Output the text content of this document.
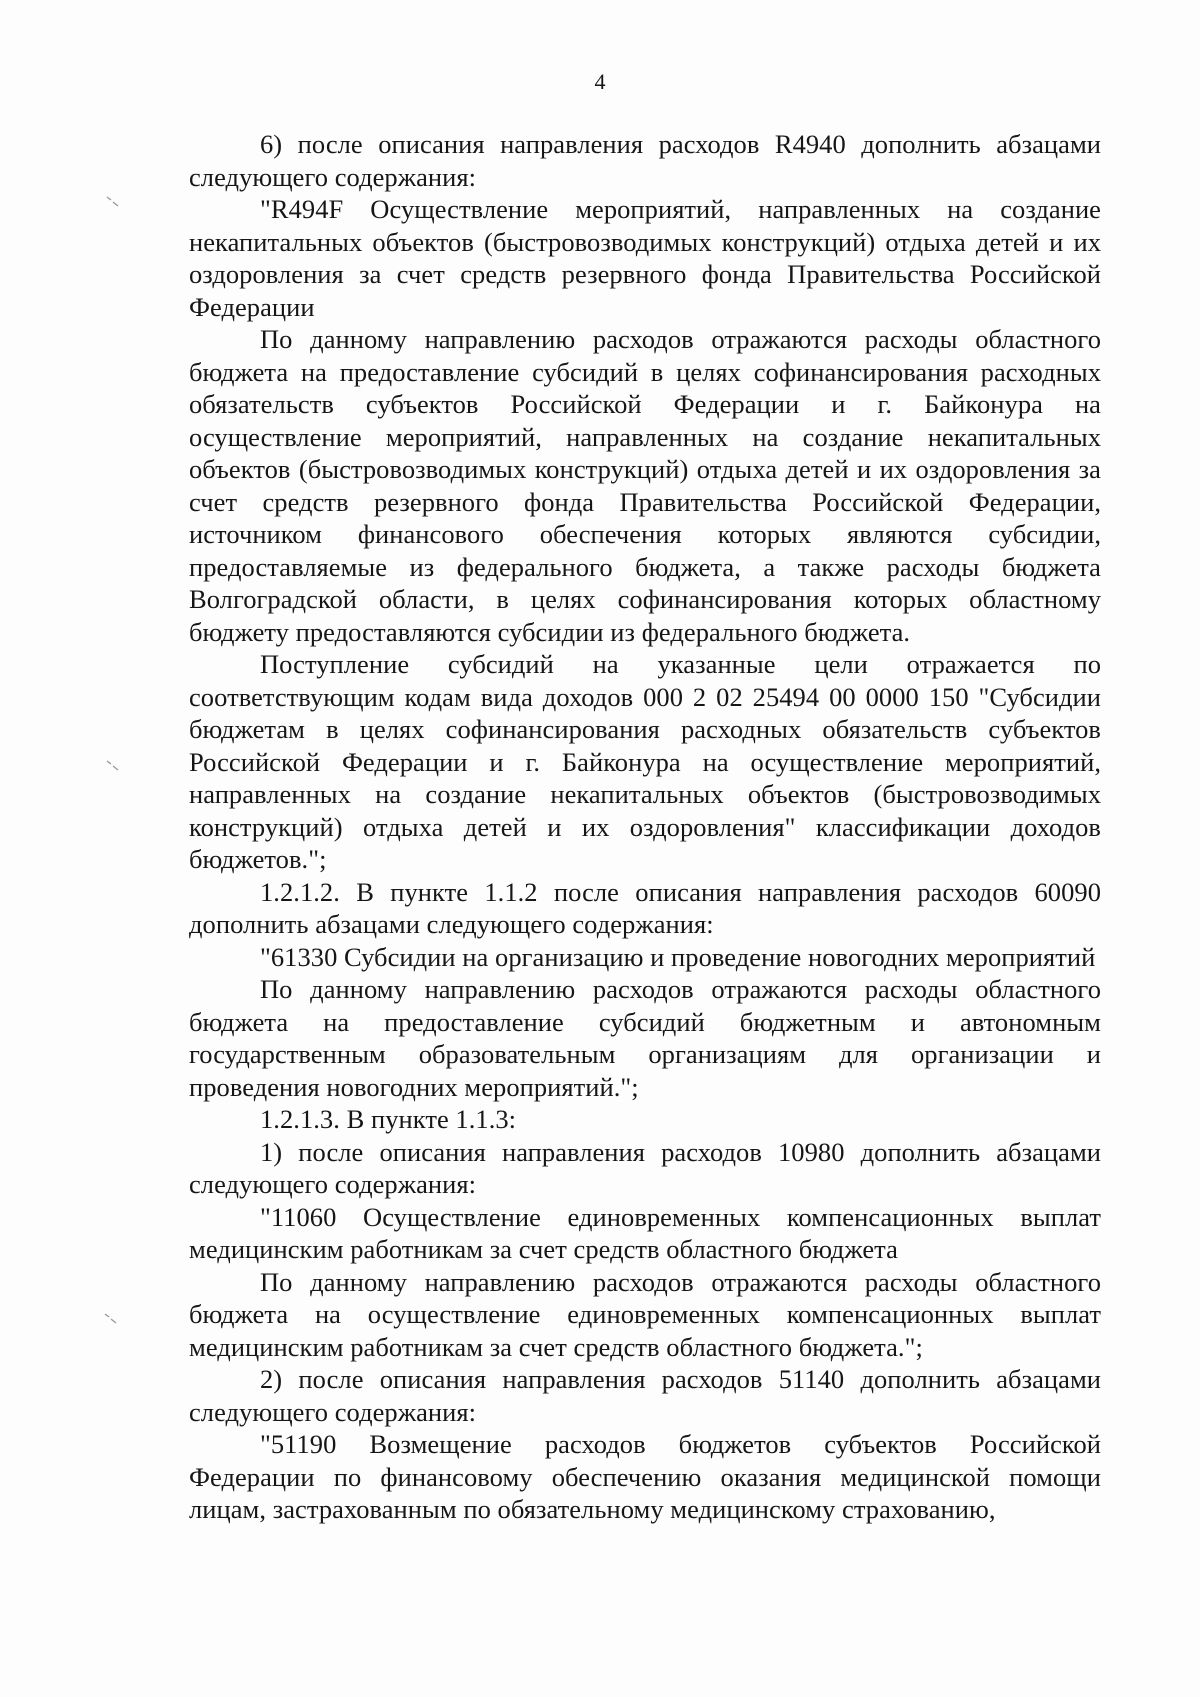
4

6) после описания направления расходов R4940 дополнить абзацами следующего содержания:

"R494F Осуществление мероприятий, направленных на создание некапитальных объектов (быстровозводимых конструкций) отдыха детей и их оздоровления за счет средств резервного фонда Правительства Российской Федерации

По данному направлению расходов отражаются расходы областного бюджета на предоставление субсидий в целях софинансирования расходных обязательств субъектов Российской Федерации и г. Байконура на осуществление мероприятий, направленных на создание некапитальных объектов (быстровозводимых конструкций) отдыха детей и их оздоровления за счет средств резервного фонда Правительства Российской Федерации, источником финансового обеспечения которых являются субсидии, предоставляемые из федерального бюджета, а также расходы бюджета Волгоградской области, в целях софинансирования которых областному бюджету предоставляются субсидии из федерального бюджета.

Поступление субсидий на указанные цели отражается по соответствующим кодам вида доходов 000 2 02 25494 00 0000 150 "Субсидии бюджетам в целях софинансирования расходных обязательств субъектов Российской Федерации и г. Байконура на осуществление мероприятий, направленных на создание некапитальных объектов (быстровозводимых конструкций) отдыха детей и их оздоровления" классификации доходов бюджетов.";

1.2.1.2. В пункте 1.1.2 после описания направления расходов 60090 дополнить абзацами следующего содержания:

"61330 Субсидии на организацию и проведение новогодних мероприятий

По данному направлению расходов отражаются расходы областного бюджета на предоставление субсидий бюджетным и автономным государственным образовательным организациям для организации и проведения новогодних мероприятий.";

1.2.1.3. В пункте 1.1.3:

1) после описания направления расходов 10980 дополнить абзацами следующего содержания:

"11060 Осуществление единовременных компенсационных выплат медицинским работникам за счет средств областного бюджета

По данному направлению расходов отражаются расходы областного бюджета на осуществление единовременных компенсационных выплат медицинским работникам за счет средств областного бюджета.";

2) после описания направления расходов 51140 дополнить абзацами следующего содержания:

"51190 Возмещение расходов бюджетов субъектов Российской Федерации по финансовому обеспечению оказания медицинской помощи лицам, застрахованным по обязательному медицинскому страхованию,
